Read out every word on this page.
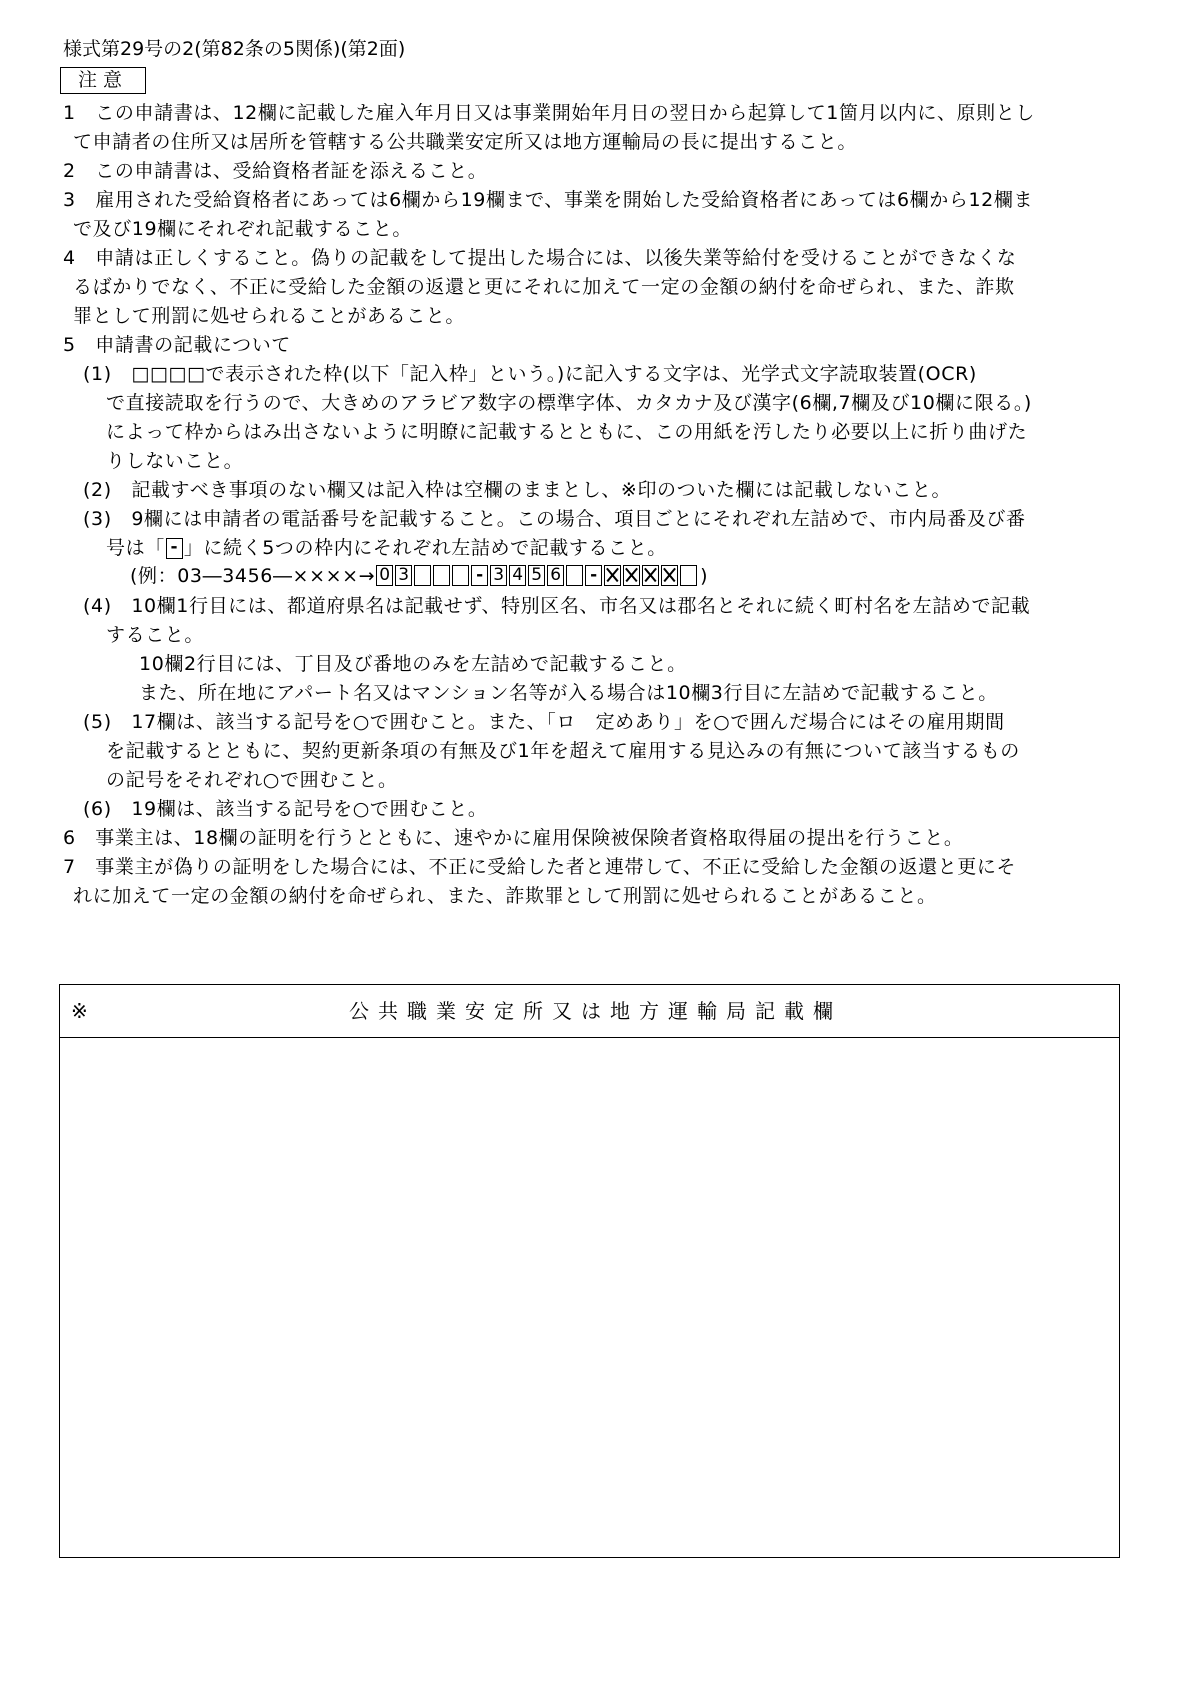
様式第29号の2(第82条の5関係)(第2面)
注意
1　この申請書は、12欄に記載した雇入年月日又は事業開始年月日の翌日から起算して1箇月以内に、原則とし
て申請者の住所又は居所を管轄する公共職業安定所又は地方運輸局の長に提出すること。
2　この申請書は、受給資格者証を添えること。
3　雇用された受給資格者にあっては6欄から19欄まで、事業を開始した受給資格者にあっては6欄から12欄ま
で及び19欄にそれぞれ記載すること。
4　申請は正しくすること。偽りの記載をして提出した場合には、以後失業等給付を受けることができなくな
るばかりでなく、不正に受給した金額の返還と更にそれに加えて一定の金額の納付を命ぜられ、また、詐欺
罪として刑罰に処せられることがあること。
5　申請書の記載について
(1)　□□□□で表示された枠(以下「記入枠」という。)に記入する文字は、光学式文字読取装置(OCR)
で直接読取を行うので、大きめのアラビア数字の標準字体、カタカナ及び漢字(6欄,7欄及び10欄に限る。)
によって枠からはみ出さないように明瞭に記載するとともに、この用紙を汚したり必要以上に折り曲げた
りしないこと。
(2)　記載すべき事項のない欄又は記入枠は空欄のままとし、※印のついた欄には記載しないこと。
(3)　9欄には申請者の電話番号を記載すること。この場合、項目ごとにそれぞれ左詰めで、市内局番及び番
号は「 - 」に続く5つの枠内にそれぞれ左詰めで記載すること。
(4)　10欄1行目には、都道府県名は記載せず、特別区名、市名又は郡名とそれに続く町村名を左詰めで記載
すること。
10欄2行目には、丁目及び番地のみを左詰めで記載すること。
また、所在地にアパート名又はマンション名等が入る場合は10欄3行目に左詰めで記載すること。
(5)　17欄は、該当する記号を○で囲むこと。また、「ロ　定めあり」を○で囲んだ場合にはその雇用期間
を記載するとともに、契約更新条項の有無及び1年を超えて雇用する見込みの有無について該当するもの
の記号をそれぞれ○で囲むこと。
(6)　19欄は、該当する記号を○で囲むこと。
6　事業主は、18欄の証明を行うとともに、速やかに雇用保険被保険者資格取得届の提出を行うこと。
7　事業主が偽りの証明をした場合には、不正に受給した者と連帯して、不正に受給した金額の返還と更にそ
れに加えて一定の金額の納付を命ぜられ、また、詐欺罪として刑罰に処せられることがあること。
(例：03―3456―××××→ 0 3	- 3 4 5 6 -	)
※	公共職業安定所又は地方運輸局記載欄
